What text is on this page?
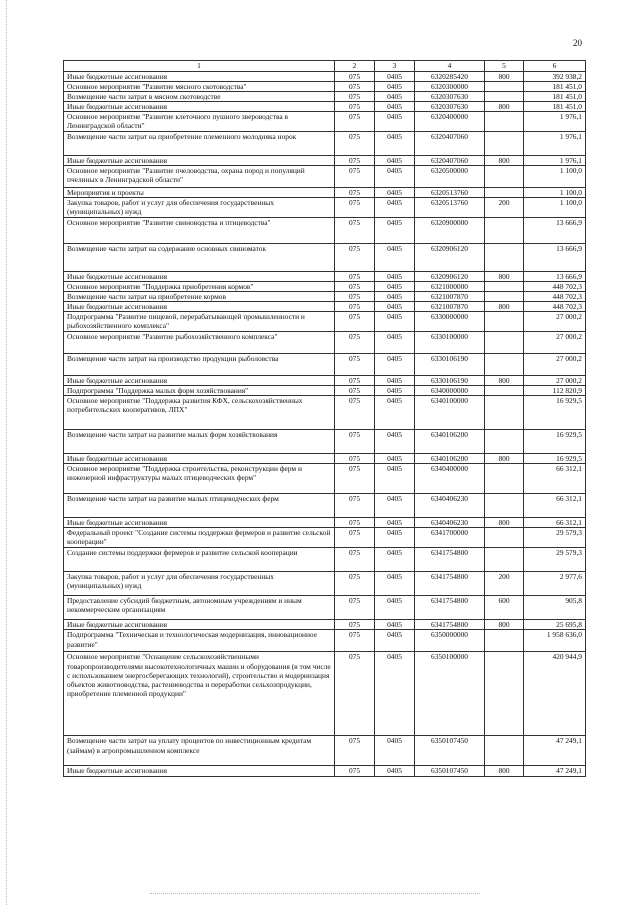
20
1	2	3	4	5	6
Иные бюджетные ассигнования	075	0405	6320285420	800	392 938,2
Основное мероприятие "Развитие мясного скотоводства"	075	0405	6320300000		181 451,0
Возмещение части затрат в мясном скотоводстве	075	0405	6320307630		181 451,0
Иные бюджетные ассигнования	075	0405	6320307630	800	181 451,0
Основное мероприятие "Развитие клеточного пушного звероводства в Ленинградской области"	075	0405	6320400000		1 976,1
Возмещение части затрат на приобретение племенного молодняка норок	075	0405	6320407060		1 976,1
Иные бюджетные ассигнования	075	0405	6320407060	800	1 976,1
Основное мероприятие "Развитие пчеловодства, охрана пород и популяций пчелиных в Ленинградской области"	075	0405	6320500000		1 100,0
Мероприятия и проекты	075	0405	6320513760		1 100,0
Закупка товаров, работ и услуг для обеспечения государственных (муниципальных) нужд	075	0405	6320513760	200	1 100,0
Основное мероприятие "Развитие свиноводства и птицеводства"	075	0405	6320900000		13 666,9
Возмещение части затрат на содержание основных свиноматок	075	0405	6320906120		13 666,9
Иные бюджетные ассигнования	075	0405	6320906120	800	13 666,9
Основное мероприятие "Поддержка приобретения кормов"	075	0405	6321000000		448 702,3
Возмещение части затрат на приобретение кормов	075	0405	6321007870		448 702,3
Иные бюджетные ассигнования	075	0405	6321007870	800	448 702,3
Подпрограмма "Развитие пищевой, перерабатывающей промышленности и рыбохозяйственного комплекса"	075	0405	6330000000		27 000,2
Основное мероприятие "Развитие рыбохозяйственного комплекса"	075	0405	6330100000		27 000,2
Возмещение части затрат на производство продукции рыболовства	075	0405	6330106190		27 000,2
Иные бюджетные ассигнования	075	0405	6330106190	800	27 000,2
Подпрограмма "Поддержка малых форм хозяйствования"	075	0405	6340000000		112 820,9
Основное мероприятие "Поддержка развития КФХ, сельскохозяйственных потребительских кооперативов, ЛПХ"	075	0405	6340100000		16 929,5
Возмещение части затрат на развитие малых форм хозяйствования	075	0405	6340106200		16 929,5
Иные бюджетные ассигнования	075	0405	6340106200	800	16 929,5
Основное мероприятие "Поддержка строительства, реконструкции ферм и инженерной инфраструктуры малых птицеводческих ферм"	075	0405	6340400000		66 312,1
Возмещение части затрат на развитие малых птицеводческих ферм	075	0405	6340406230		66 312,1
Иные бюджетные ассигнования	075	0405	6340406230	800	66 312,1
Федеральный проект "Создание системы поддержки фермеров и развитие сельской кооперации"	075	0405	6341700000		29 579,3
Создание системы поддержки фермеров и развитие сельской кооперации	075	0405	6341754800		29 579,3
Закупка товаров, работ и услуг для обеспечения государственных (муниципальных) нужд	075	0405	6341754800	200	2 977,6
Предоставление субсидий бюджетным, автономным учреждениям и иным некоммерческим организациям	075	0405	6341754800	600	905,8
Иные бюджетные ассигнования	075	0405	6341754800	800	25 695,8
Подпрограмма "Техническая и технологическая модернизация, инновационное развитие"	075	0405	6350000000		1 958 636,0
Основное мероприятие "Оснащение сельскохозяйственными товаропроизводителями высокотехнологичных машин и оборудования (в том числе с использованием энергосберегающих технологий), строительство и модернизация объектов животноводства, растениеводства и переработки сельхозпродукции, приобретение племенной продукции"	075	0405	6350100000		420 944,9
Возмещение части затрат на уплату процентов по инвестиционным кредитам (займам) в агропромышленном комплексе	075	0405	6350107450		47 249,1
Иные бюджетные ассигнования	075	0405	6350107450	800	47 249,1
